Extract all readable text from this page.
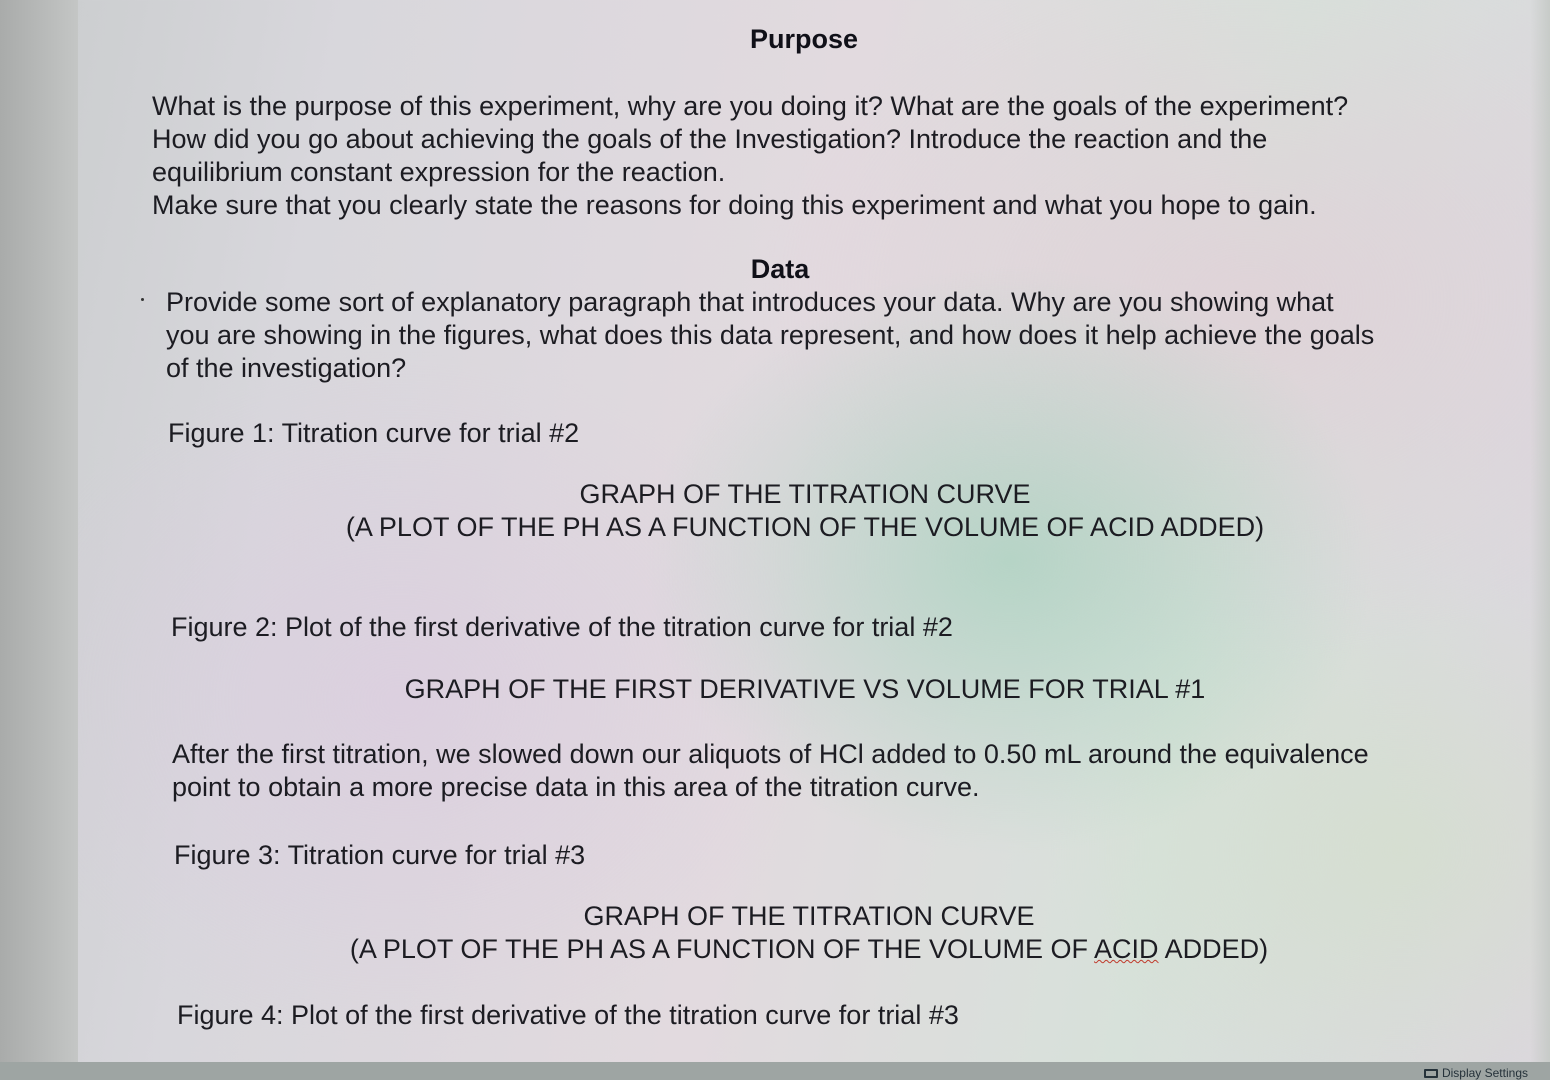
Purpose
What is the purpose of this experiment, why are you doing it? What are the goals of the experiment?
How did you go about achieving the goals of the Investigation? Introduce the reaction and the
equilibrium constant expression for the reaction.
Make sure that you clearly state the reasons for doing this experiment and what you hope to gain.
Data
Provide some sort of explanatory paragraph that introduces your data. Why are you showing what
you are showing in the figures, what does this data represent, and how does it help achieve the goals
of the investigation?
Figure 1: Titration curve for trial #2
GRAPH OF THE TITRATION CURVE
(A PLOT OF THE PH AS A FUNCTION OF THE VOLUME OF ACID ADDED)
Figure 2: Plot of the first derivative of the titration curve for trial #2
GRAPH OF THE FIRST DERIVATIVE VS VOLUME FOR TRIAL #1
After the first titration, we slowed down our aliquots of HCl added to 0.50 mL around the equivalence
point to obtain a more precise data in this area of the titration curve.
Figure 3: Titration curve for trial #3
GRAPH OF THE TITRATION CURVE
(A PLOT OF THE PH AS A FUNCTION OF THE VOLUME OF ACID ADDED)
Figure 4: Plot of the first derivative of the titration curve for trial #3
Display Settings
